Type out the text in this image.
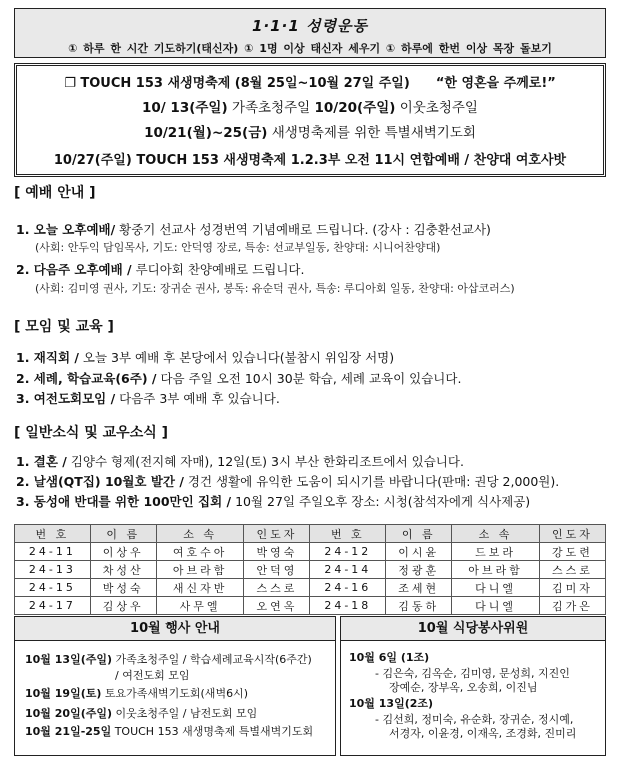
1·1·1 성령운동
① 하루 한 시간 기도하기(태신자) ① 1명 이상 태신자 세우기 ① 하루에 한번 이상 목장 돌보기
❐ TOUCH 153 새생명축제 (8월 25일~10월 27일 주일) “한 영혼을 주께로!”
10/ 13(주일) 가족초청주일 10/20(주일) 이웃초청주일
10/21(월)~25(금) 새생명축제를 위한 특별새벽기도회
10/27(주일) TOUCH 153 새생명축제 1.2.3부 오전 11시 연합예배 / 찬양대 여호사밧
[ 예배 안내 ]
1. 오늘 오후예배/ 황중기 선교사 성경번역 기념예배로 드립니다. (강사 : 김충환선교사)
(사회: 안두익 담임목사, 기도: 안덕영 장로, 특송: 선교부일동, 찬양대: 시니어찬양대)
2. 다음주 오후예배 / 루디아회 찬양예배로 드립니다.
(사회: 김미영 권사, 기도: 장귀순 권사, 봉독: 유순덕 권사, 특송: 루디아회 일동, 찬양대: 아삽코러스)
[ 모임 및 교육 ]
1. 재직회 / 오늘 3부 예배 후 본당에서 있습니다(불참시 위임장 서명)
2. 세례, 학습교육(6주) / 다음 주일 오전 10시 30분 학습, 세례 교육이 있습니다.
3. 여전도회모임 / 다음주 3부 예배 후 있습니다.
[ 일반소식 및 교우소식 ]
1. 결혼 / 김양수 형제(전지혜 자매), 12일(토) 3시 부산 한화리조트에서 있습니다.
2. 날샘(QT집) 10월호 발간 / 경건 생활에 유익한 도움이 되시기를 바랍니다(판매: 권당 2,000원).
3. 동성애 반대를 위한 100만인 집회 / 10월 27일 주일오후 장소: 시청(참석자에게 식사제공)
번 호	이 름	소 속	인도자	번 호	이 름	소 속	인도자
24-11	이상우	여호수아	박영숙	24-12	이시윤	드보라	강도련
24-13	차성산	아브라함	안덕영	24-14	정광훈	아브라함	스스로
24-15	박성숙	새신자반	스스로	24-16	조세현	다니엘	김미자
24-17	김상우	사무엘	오연옥	24-18	김동하	다니엘	김가은
10월 행사 안내
10월 13일(주일) 가족초청주일 / 학습세례교육시작(6주간)
/ 여전도회 모임
10월 19일(토) 토요가족새벽기도회(새벽6시)
10월 20일(주일) 이웃초청주일 / 남전도회 모임
10월 21일-25일 TOUCH 153 새생명축제 특별새벽기도회
10월 식당봉사위원
10월 6일 (1조)
- 김은숙, 김옥순, 김미영, 문성희, 지진인
장예순, 장부옥, 오송희, 이진님
10월 13일(2조)
- 김선희, 정미숙, 유순화, 장귀순, 정시예,
서경자, 이윤경, 이재옥, 조경화, 진미리
